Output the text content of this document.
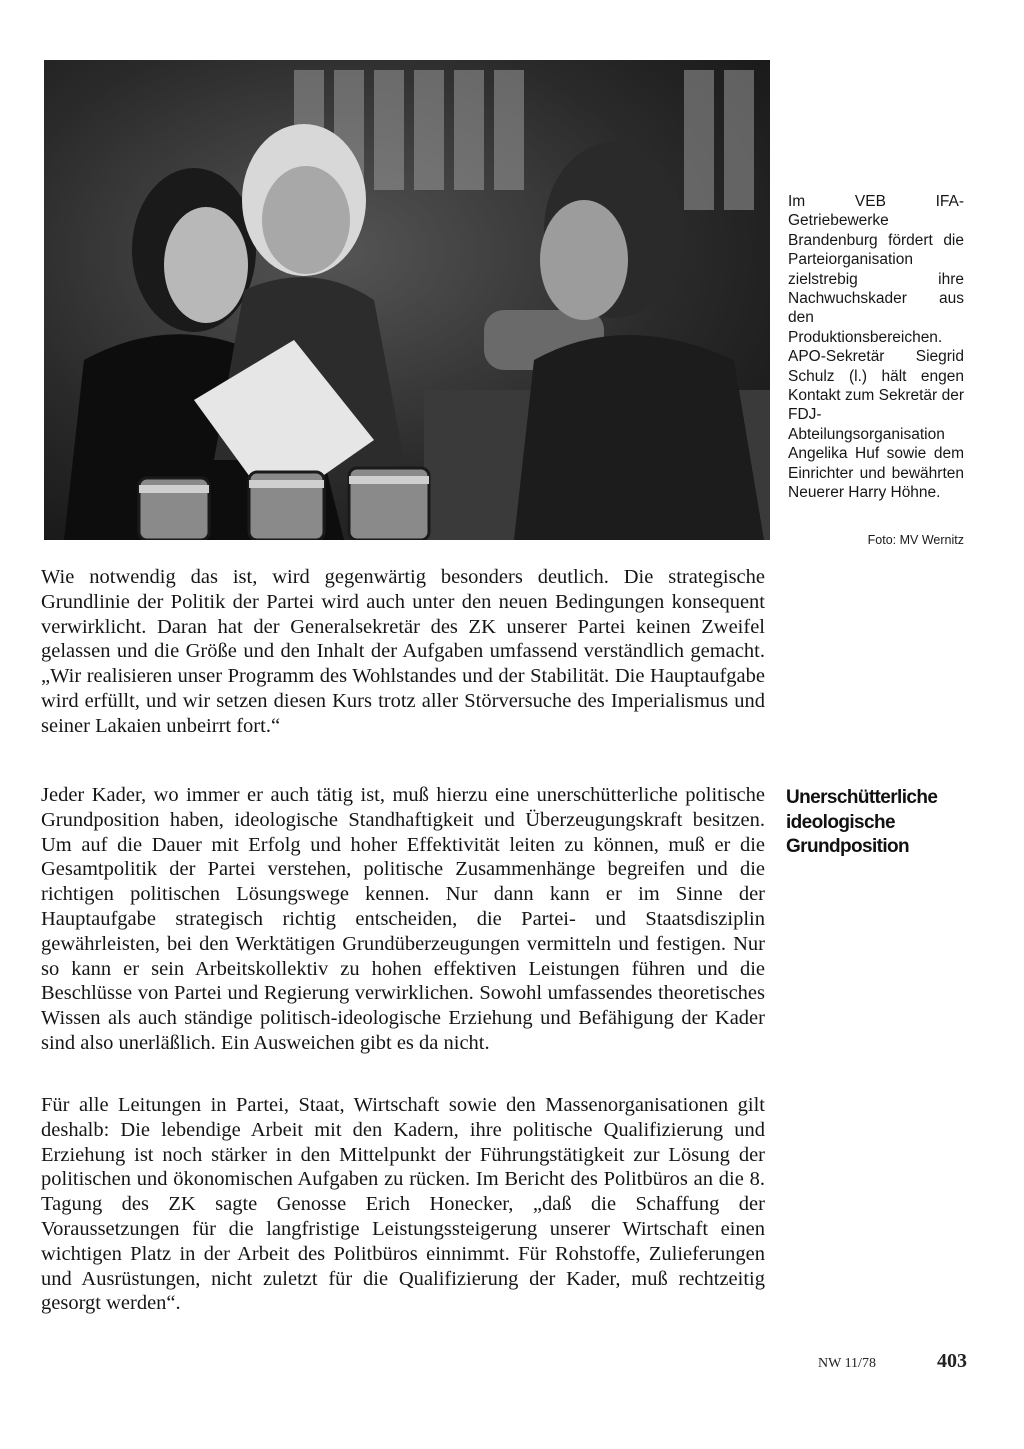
Im VEB IFA-Getriebewerke Brandenburg fördert die Parteiorganisation zielstrebig ihre Nachwuchskader aus den Produktionsbereichen. APO-Sekretär Siegrid Schulz (l.) hält engen Kontakt zum Sekretär der FDJ-Abteilungsorganisation Angelika Huf sowie dem Einrichter und bewährten Neuerer Harry Höhne.
Foto: MV Wernitz

Wie notwendig das ist, wird gegenwärtig besonders deutlich. Die strategische Grundlinie der Politik der Partei wird auch unter den neuen Bedingungen konsequent verwirklicht. Daran hat der Generalsekretär des ZK unserer Partei keinen Zweifel gelassen und die Größe und den Inhalt der Aufgaben umfassend verständlich gemacht. „Wir realisieren unser Programm des Wohlstandes und der Stabilität. Die Hauptaufgabe wird erfüllt, und wir setzen diesen Kurs trotz aller Störversuche des Imperialismus und seiner Lakaien unbeirrt fort.“

Unerschütterliche ideologische Grundposition

Jeder Kader, wo immer er auch tätig ist, muß hierzu eine unerschütterliche politische Grundposition haben, ideologische Standhaftigkeit und Überzeugungskraft besitzen. Um auf die Dauer mit Erfolg und hoher Effektivität leiten zu können, muß er die Gesamtpolitik der Partei verstehen, politische Zusammenhänge begreifen und die richtigen politischen Lösungswege kennen. Nur dann kann er im Sinne der Hauptaufgabe strategisch richtig entscheiden, die Partei- und Staatsdisziplin gewährleisten, bei den Werktätigen Grundüberzeugungen vermitteln und festigen. Nur so kann er sein Arbeitskollektiv zu hohen effektiven Leistungen führen und die Beschlüsse von Partei und Regierung verwirklichen. Sowohl umfassendes theoretisches Wissen als auch ständige politisch-ideologische Erziehung und Befähigung der Kader sind also unerläßlich. Ein Ausweichen gibt es da nicht.

Für alle Leitungen in Partei, Staat, Wirtschaft sowie den Massenorganisationen gilt deshalb: Die lebendige Arbeit mit den Kadern, ihre politische Qualifizierung und Erziehung ist noch stärker in den Mittelpunkt der Führungstätigkeit zur Lösung der politischen und ökonomischen Aufgaben zu rücken. Im Bericht des Politbüros an die 8. Tagung des ZK sagte Genosse Erich Honecker, „daß die Schaffung der Voraussetzungen für die langfristige Leistungssteigerung unserer Wirtschaft einen wichtigen Platz in der Arbeit des Politbüros einnimmt. Für Rohstoffe, Zulieferungen und Ausrüstungen, nicht zuletzt für die Qualifizierung der Kader, muß rechtzeitig gesorgt werden“.

NW 11/78	403
